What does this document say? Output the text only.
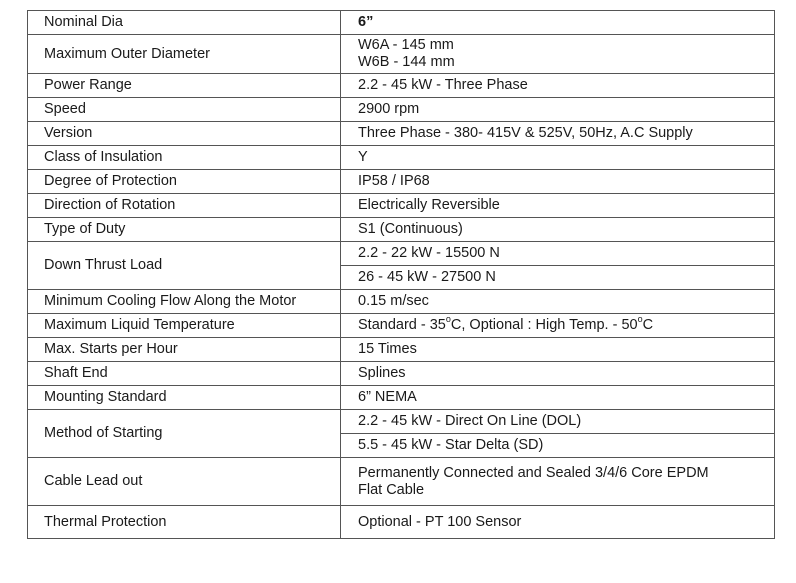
Nominal Dia	6”
Maximum Outer Diameter	W6A - 145 mm
W6B - 144 mm

Power Range	2.2 - 45 kW - Three Phase
Speed	2900 rpm
Version	Three Phase - 380- 415V & 525V, 50Hz, A.C Supply
Class of Insulation	Y
Degree of Protection	IP58 / IP68
Direction of Rotation	Electrically Reversible
Type of Duty	S1 (Continuous)
Down Thrust Load	2.2 - 22 kW - 15500 N
	26 - 45 kW - 27500 N
Minimum Cooling Flow Along the Motor	0.15 m/sec
Maximum Liquid Temperature	Standard - 35$^o$C, Optional : High Temp. - 50$^o$C
Max. Starts per Hour	15 Times
Shaft End	Splines
Mounting Standard	6” NEMA
Method of Starting	2.2 - 45 kW - Direct On Line (DOL)
	5.5 - 45 kW - Star Delta (SD)
Cable Lead out	Permanently Connected and Sealed 3/4/6 Core EPDM
Flat Cable

Thermal Protection	Optional - PT 100 Sensor
